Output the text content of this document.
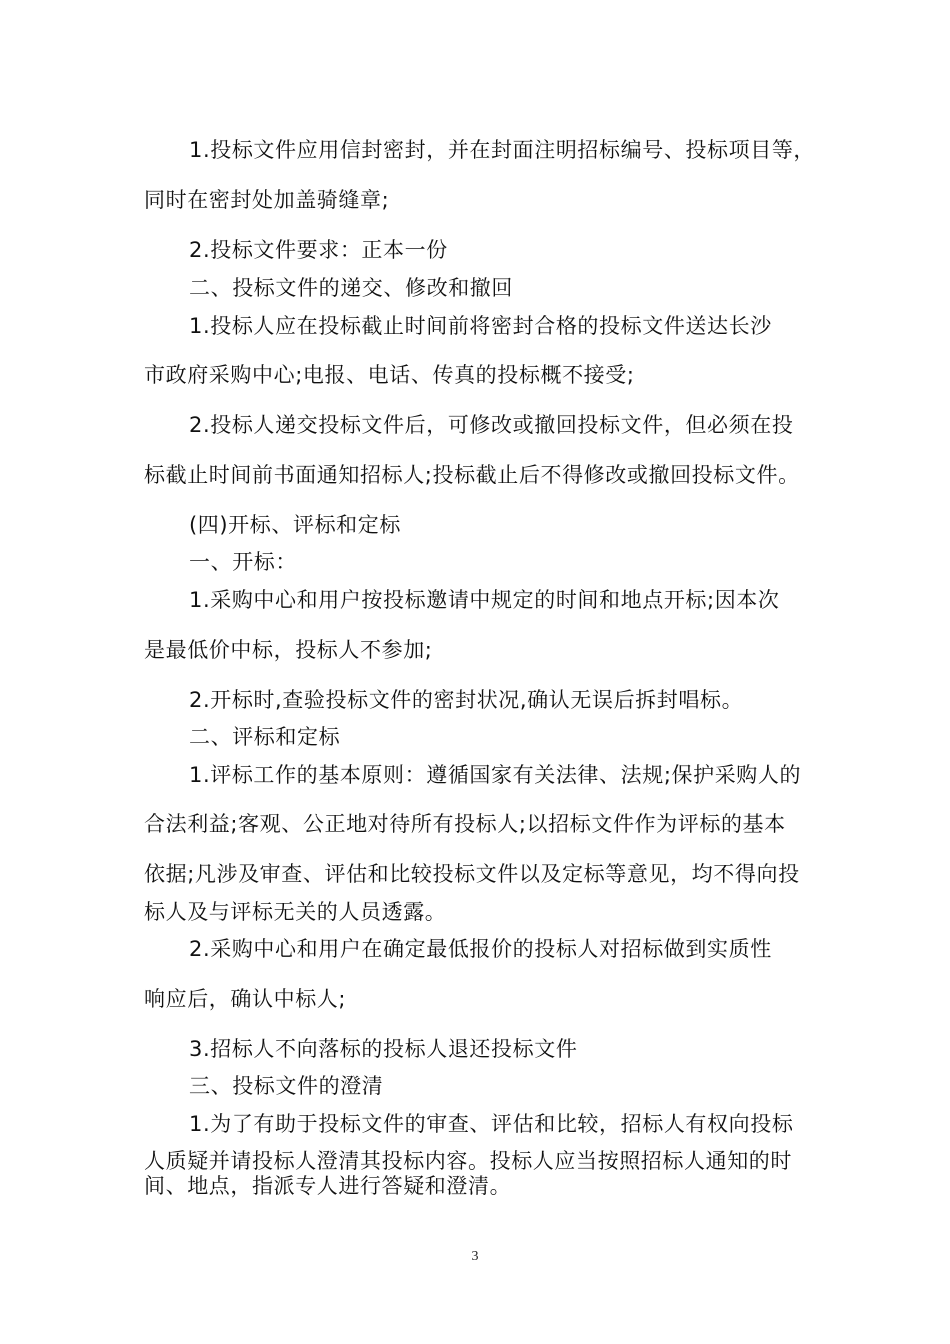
1.投标文件应用信封密封，并在封面注明招标编号、投标项目等，
同时在密封处加盖骑缝章;
2.投标文件要求：正本一份
二、投标文件的递交、修改和撤回
1.投标人应在投标截止时间前将密封合格的投标文件送达长沙
市政府采购中心;电报、电话、传真的投标概不接受;
2.投标人递交投标文件后，可修改或撤回投标文件，但必须在投
标截止时间前书面通知招标人;投标截止后不得修改或撤回投标文件。
(四)开标、评标和定标
一、开标：
1.采购中心和用户按投标邀请中规定的时间和地点开标;因本次
是最低价中标，投标人不参加;
2.开标时,查验投标文件的密封状况,确认无误后拆封唱标。
二、评标和定标
1.评标工作的基本原则：遵循国家有关法律、法规;保护采购人的
合法利益;客观、公正地对待所有投标人;以招标文件作为评标的基本
依据;凡涉及审查、评估和比较投标文件以及定标等意见，均不得向投
标人及与评标无关的人员透露。
2.采购中心和用户在确定最低报价的投标人对招标做到实质性
响应后，确认中标人;
3.招标人不向落标的投标人退还投标文件
三、投标文件的澄清
1.为了有助于投标文件的审查、评估和比较，招标人有权向投标
人质疑并请投标人澄清其投标内容。投标人应当按照招标人通知的时
间、地点，指派专人进行答疑和澄清。
3
